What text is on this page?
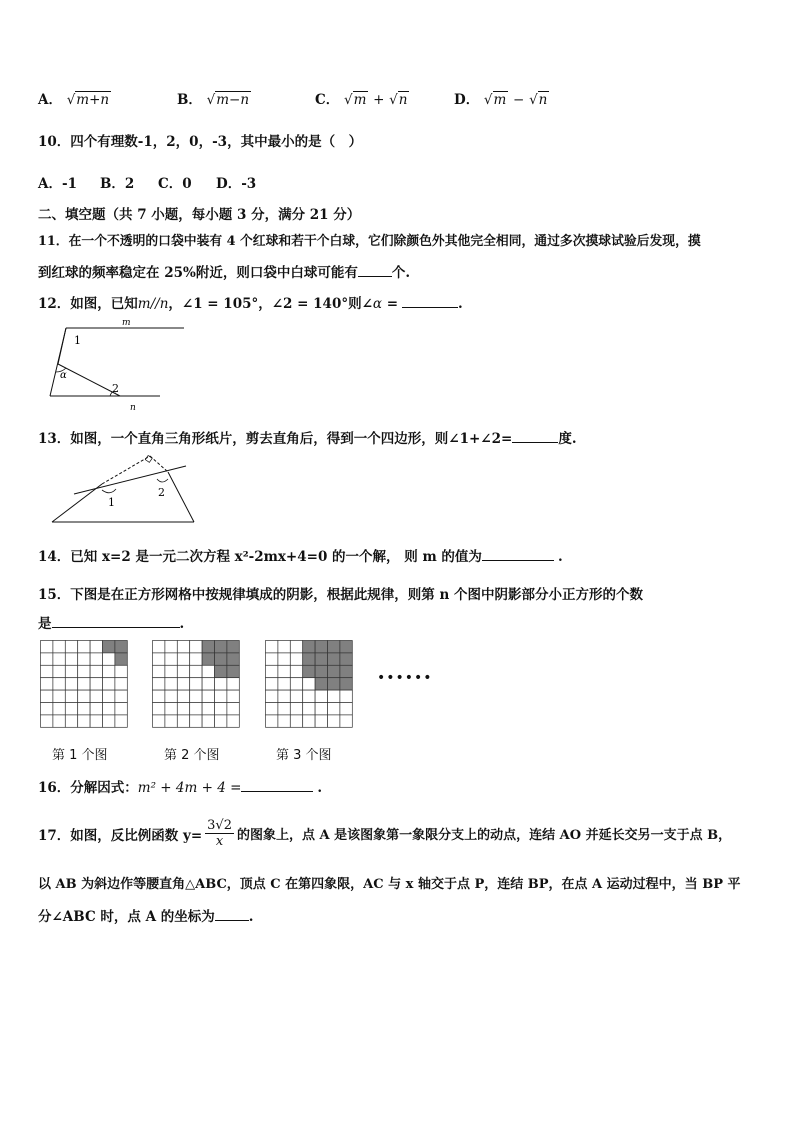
A． √m+n	B． √m−n	C． √m + √n	D． √m − √n
10．四个有理数-1，2，0，-3，其中最小的是（　）
A．-1 B．2 C．0 D．-3
二、填空题（共 7 小题，每小题 3 分，满分 21 分）
11．在一个不透明的口袋中装有 4 个红球和若干个白球，它们除颜色外其他完全相同，通过多次摸球试验后发现，摸
到红球的频率稳定在 25%附近，则口袋中白球可能有	个.
12．如图，已知m//n，∠1 = 105°，∠2 = 140°则∠α =	.
m
n
1
2
α
13．如图，一个直角三角形纸片，剪去直角后，得到一个四边形，则∠1+∠2=	度.
1
2
14．已知 x=2 是一元二次方程 x²-2mx+4=0 的一个解， 则 m 的值为	.
15．下图是在正方形网格中按规律填成的阴影，根据此规律，则第 n 个图中阴影部分小正方形的个数
是	.
第 1 个图	第 2 个图	第 3 个图
••••••
16．分解因式：m² + 4m + 4 =	.
17．如图，反比例函数 $y= \frac{3√2}{x}$ 的图象上，点 A 是该图象第一象限分支上的动点，连结 AO 并延长交另一支于点 B，
以 AB 为斜边作等腰直角△ABC，顶点 C 在第四象限，AC 与 x 轴交于点 P，连结 BP，在点 A 运动过程中，当 BP 平
分∠ABC 时，点 A 的坐标为	.
